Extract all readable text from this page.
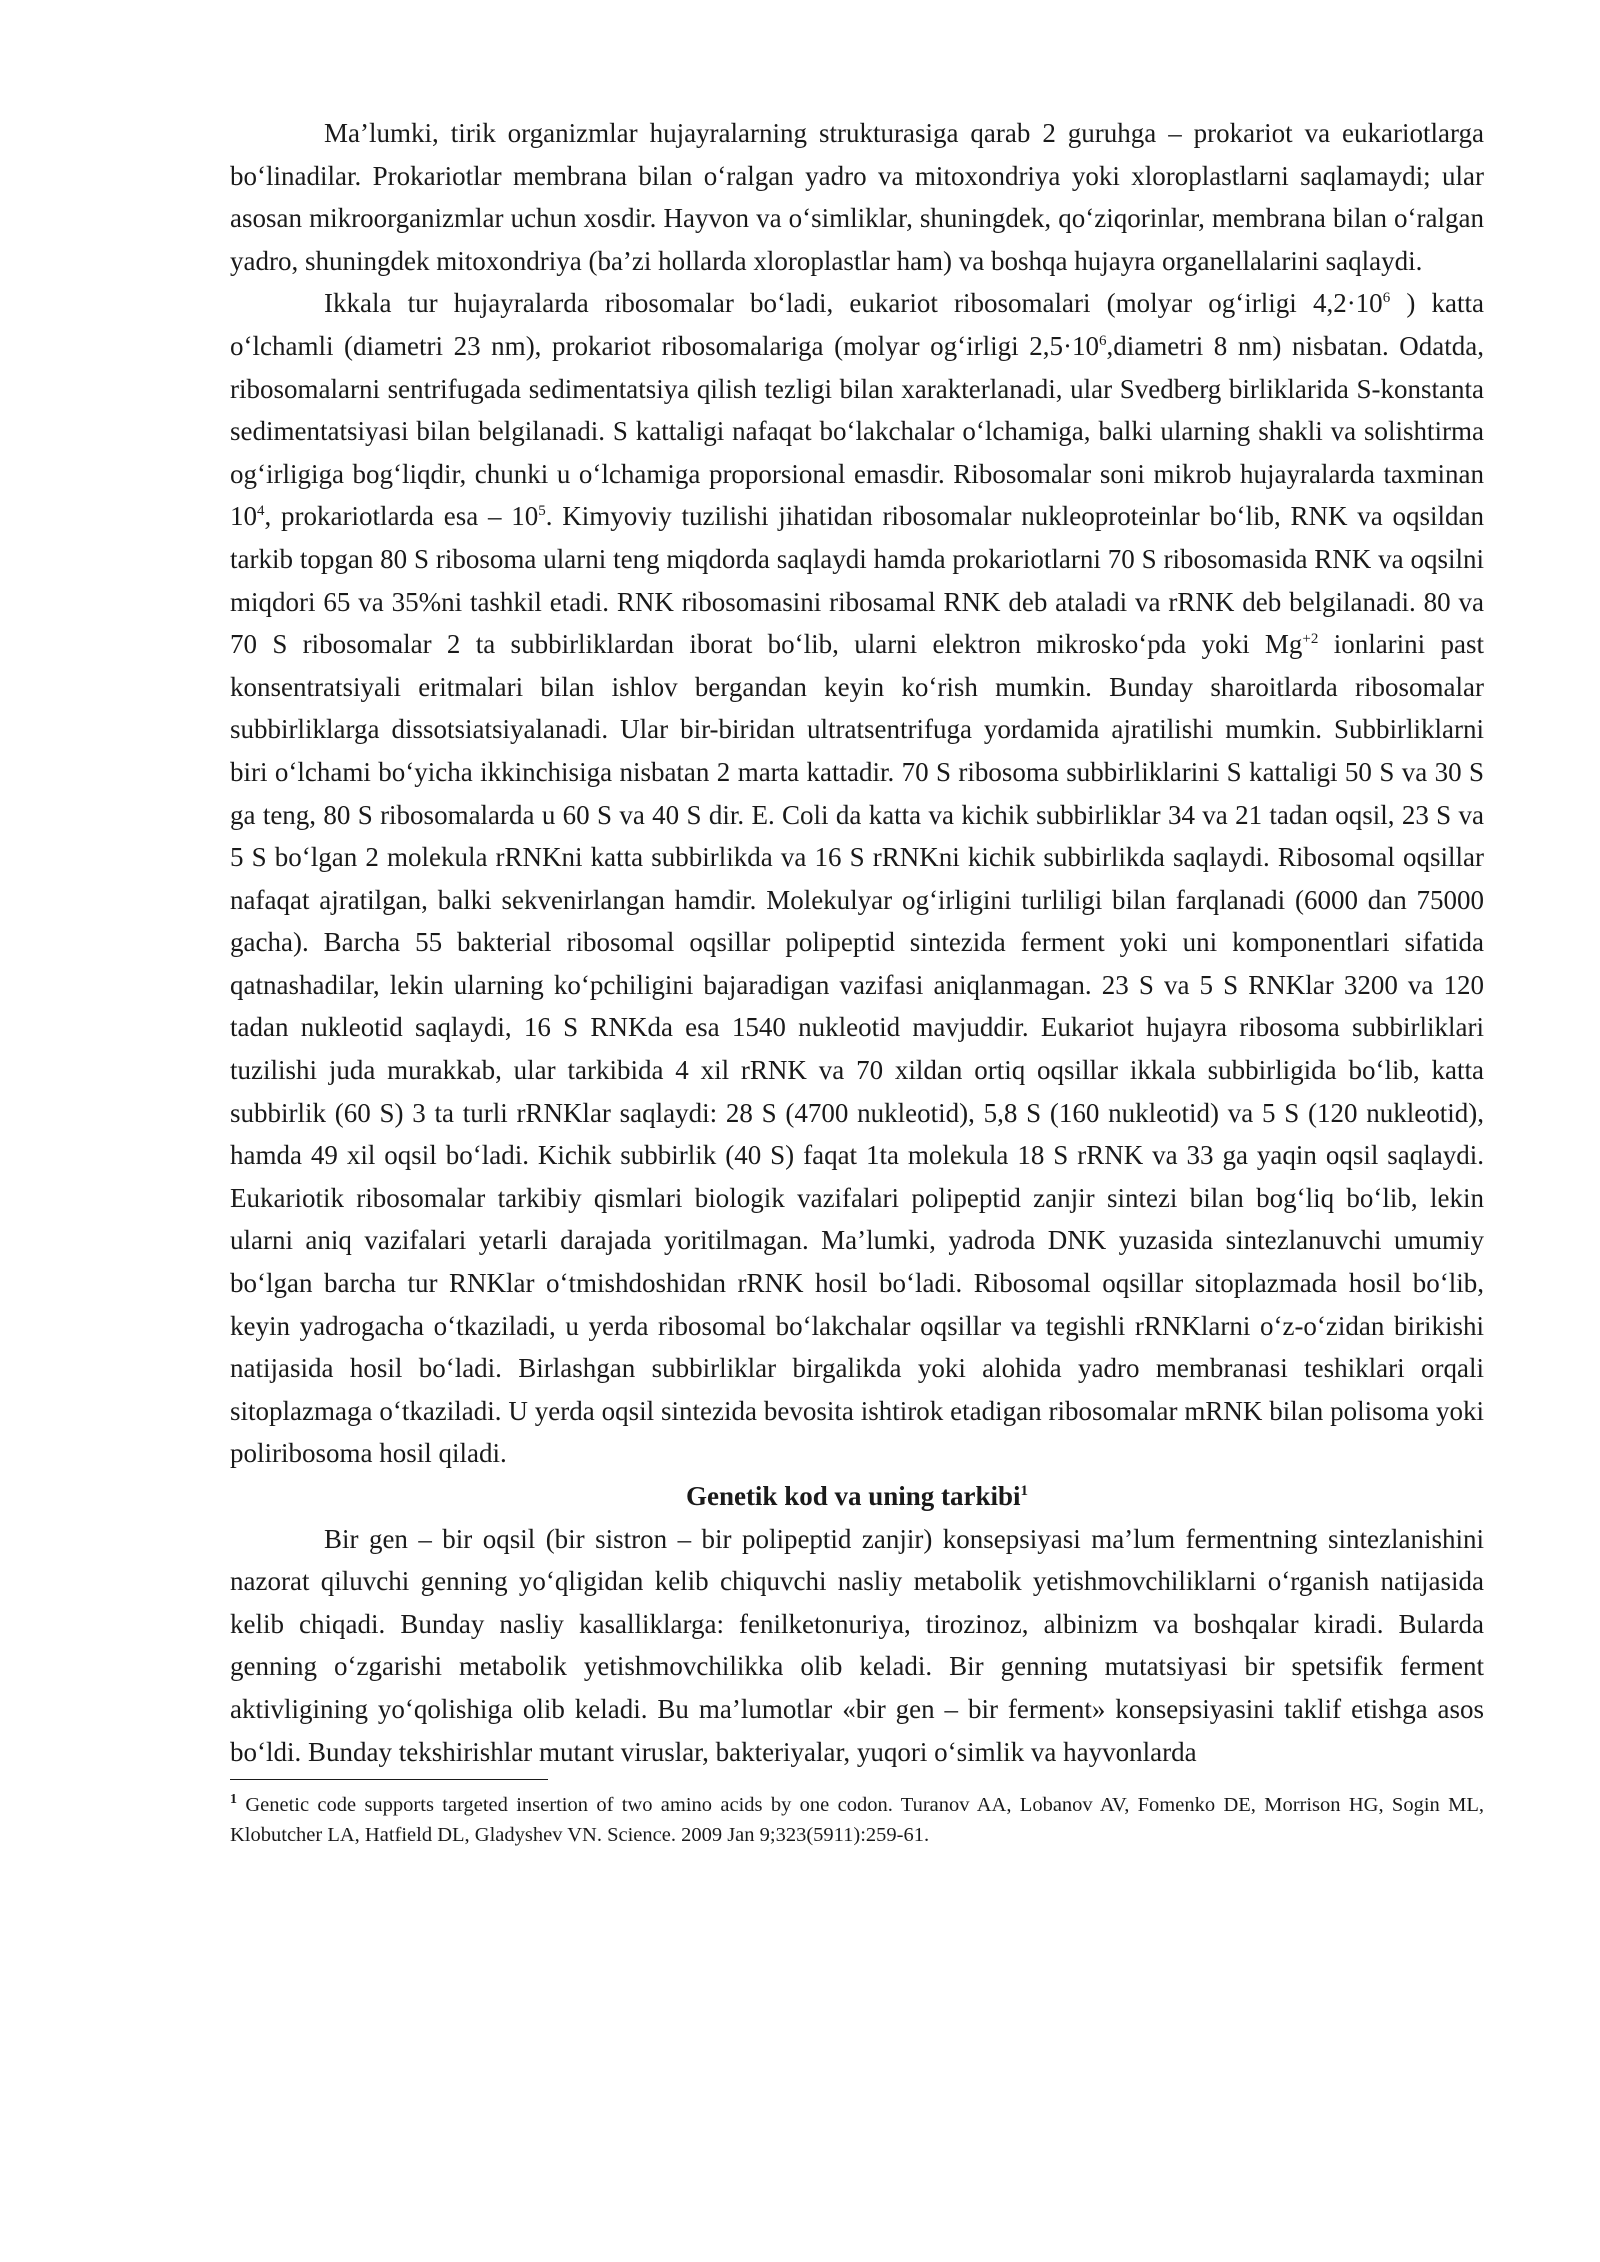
Ma’lumki, tirik organizmlar hujayralarning strukturasiga qarab 2 guruhga – prokariot va eukariotlarga bo‘linadilar. Prokariotlar membrana bilan o‘ralgan yadro va mitoxondriya yoki xloroplastlarni saqlamaydi; ular asosan mikroorganizmlar uchun xosdir. Hayvon va o‘simliklar, shuningdek, qo‘ziqorinlar, membrana bilan o‘ralgan yadro, shuningdek mitoxondriya (ba’zi hollarda xloroplastlar ham) va boshqa hujayra organellalarini saqlaydi.

Ikkala tur hujayralarda ribosomalar bo‘ladi, eukariot ribosomalari (molyar og‘irligi $4,2\cdot 10^6$ ) katta o‘lchamli (diametri 23 nm), prokariot ribosomalariga (molyar og‘irligi $2,5\cdot 10^6,diametri$ 8 nm) nisbatan. Odatda, ribosomalarni sentrifugada sedimentatsiya qilish tezligi bilan xarakterlanadi, ular Svedberg birliklarida S-konstanta sedimentatsiyasi bilan belgilanadi. S kattaligi nafaqat bo‘lakchalar o‘lchamiga, balki ularning shakli va solishtirma og‘irligiga bog‘liqdir, chunki u o‘lchamiga proporsional emasdir. Ribosomalar soni mikrob hujayralarda taxminan $10^4$, prokariotlarda esa – $10^5$. Kimyoviy tuzilishi jihatidan ribosomalar nukleoproteinlar bo‘lib, RNK va oqsildan tarkib topgan 80 S ribosoma ularni teng miqdorda saqlaydi hamda prokariotlarni 70 S ribosomasida RNK va oqsilni miqdori 65 va 35%ni tashkil etadi. RNK ribosomasini ribosamal RNK deb ataladi va rRNK deb belgilanadi. 80 va 70 S ribosomalar 2 ta subbirliklardan iborat bo‘lib, ularni elektron mikrosko‘pda yoki $Mg^{+2}$ ionlarini past konsentratsiyali eritmalari bilan ishlov bergandan keyin ko‘rish mumkin. Bunday sharoitlarda ribosomalar subbirliklarga dissotsiatsiyalanadi. Ular bir-biridan ultratsentrifuga yordamida ajratilishi mumkin. Subbirliklarni biri o‘lchami bo‘yicha ikkinchisiga nisbatan 2 marta kattadir. 70 S ribosoma subbirliklarini S kattaligi 50 S va 30 S ga teng, 80 S ribosomalarda u 60 S va 40 S dir. E. Coli da katta va kichik subbirliklar 34 va 21 tadan oqsil, 23 S va 5 S bo‘lgan 2 molekula rRNKni katta subbirlikda va 16 S rRNKni kichik subbirlikda saqlaydi. Ribosomal oqsillar nafaqat ajratilgan, balki sekvenirlangan hamdir. Molekulyar og‘irligini turliligi bilan farqlanadi (6000 dan 75000 gacha). Barcha 55 bakterial ribosomal oqsillar polipeptid sintezida ferment yoki uni komponentlari sifatida qatnashadilar, lekin ularning ko‘pchiligini bajaradigan vazifasi aniqlanmagan. 23 S va 5 S RNKlar 3200 va 120 tadan nukleotid saqlaydi, 16 S RNKda esa 1540 nukleotid mavjuddir. Eukariot hujayra ribosoma subbirliklari tuzilishi juda murakkab, ular tarkibida 4 xil rRNK va 70 xildan ortiq oqsillar ikkala subbirligida bo‘lib, katta subbirlik (60 S) 3 ta turli rRNKlar saqlaydi: 28 S (4700 nukleotid), 5,8 S (160 nukleotid) va 5 S (120 nukleotid), hamda 49 xil oqsil bo‘ladi. Kichik subbirlik (40 S) faqat 1ta molekula 18 S rRNK va 33 ga yaqin oqsil saqlaydi. Eukariotik ribosomalar tarkibiy qismlari biologik vazifalari polipeptid zanjir sintezi bilan bog‘liq bo‘lib, lekin ularni aniq vazifalari yetarli darajada yoritilmagan. Ma’lumki, yadroda DNK yuzasida sintezlanuvchi umumiy bo‘lgan barcha tur RNKlar o‘tmishdoshidan rRNK hosil bo‘ladi. Ribosomal oqsillar sitoplazmada hosil bo‘lib, keyin yadrogacha o‘tkaziladi, u yerda ribosomal bo‘lakchalar oqsillar va tegishli rRNKlarni o‘z-o‘zidan birikishi natijasida hosil bo‘ladi. Birlashgan subbirliklar birgalikda yoki alohida yadro membranasi teshiklari orqali sitoplazmaga o‘tkaziladi. U yerda oqsil sintezida bevosita ishtirok etadigan ribosomalar mRNK bilan polisoma yoki poliribosoma hosil qiladi.

Genetik kod va uning tarkibi$^1$

Bir gen – bir oqsil (bir sistron – bir polipeptid zanjir) konsepsiyasi ma’lum fermentning sintezlanishini nazorat qiluvchi genning yo‘qligidan kelib chiquvchi nasliy metabolik yetishmovchiliklarni o‘rganish natijasida kelib chiqadi. Bunday nasliy kasalliklarga: fenilketonuriya, tirozinoz, albinizm va boshqalar kiradi. Bularda genning o‘zgarishi metabolik yetishmovchilikka olib keladi. Bir genning mutatsiyasi bir spetsifik ferment aktivligining yo‘qolishiga olib keladi. Bu ma’lumotlar «bir gen – bir ferment» konsepsiyasini taklif etishga asos bo‘ldi. Bunday tekshirishlar mutant viruslar, bakteriyalar, yuqori o‘simlik va hayvonlarda

$^1$ Genetic code supports targeted insertion of two amino acids by one codon. Turanov AA, Lobanov AV, Fomenko DE, Morrison HG, Sogin ML, Klobutcher LA, Hatfield DL, Gladyshev VN. Science. 2009 Jan 9;323(5911):259-61.
